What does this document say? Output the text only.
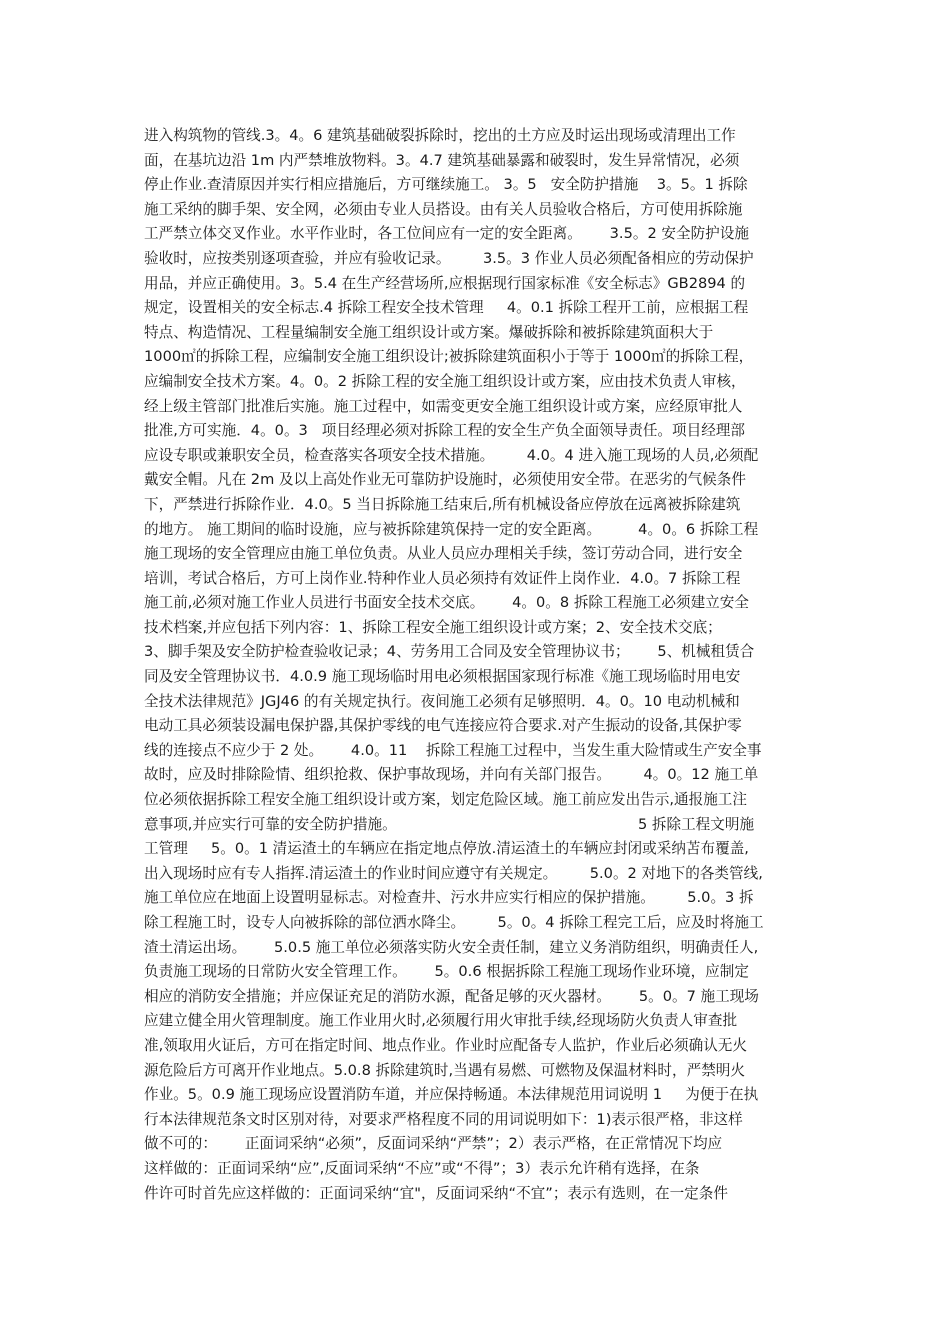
进入构筑物的管线.3。4。6 建筑基础破裂拆除时，挖出的土方应及时运出现场或清理出工作
面，在基坑边沿 1m 内严禁堆放物料。3。4.7 建筑基础暴露和破裂时，发生异常情况，必须
停止作业.查清原因并实行相应措施后，方可继续施工。 3。5   安全防护措施    3。5。1 拆除
施工采纳的脚手架、安全网，必须由专业人员搭设。由有关人员验收合格后，方可使用拆除施
工严禁立体交叉作业。水平作业时，各工位间应有一定的安全距离。      3.5。2 安全防护设施
验收时，应按类别逐项查验，并应有验收记录。       3.5。3 作业人员必须配备相应的劳动保护
用品，并应正确使用。3。5.4 在生产经营场所,应根据现行国家标准《安全标志》GB2894 的
规定，设置相关的安全标志.4 拆除工程安全技术管理     4。0.1 拆除工程开工前，应根据工程
特点、构造情况、工程量编制安全施工组织设计或方案。爆破拆除和被拆除建筑面积大于
1000㎡的拆除工程，应编制安全施工组织设计;被拆除建筑面积小于等于 1000㎡的拆除工程，
应编制安全技术方案。4。0。2 拆除工程的安全施工组织设计或方案，应由技术负责人审核，
经上级主管部门批准后实施。施工过程中，如需变更安全施工组织设计或方案，应经原审批人
批准,方可实施．4。0。3   项目经理必须对拆除工程的安全生产负全面领导责任。项目经理部
应设专职或兼职安全员，检查落实各项安全技术措施。       4.0。4 进入施工现场的人员,必须配
戴安全帽。凡在 2m 及以上高处作业无可靠防护设施时，必须使用安全带。在恶劣的气候条件
下，严禁进行拆除作业．4.0。5 当日拆除施工结束后,所有机械设备应停放在远离被拆除建筑
的地方。 施工期间的临时设施，应与被拆除建筑保持一定的安全距离。        4。0。6 拆除工程
施工现场的安全管理应由施工单位负责。从业人员应办理相关手续，签订劳动合同，进行安全
培训，考试合格后，方可上岗作业.特种作业人员必须持有效证件上岗作业．4.0。7 拆除工程
施工前,必须对施工作业人员进行书面安全技术交底。      4。0。8 拆除工程施工必须建立安全
技术档案,并应包括下列内容：1、拆除工程安全施工组织设计或方案；2、安全技术交底；
3、脚手架及安全防护检查验收记录；4、劳务用工合同及安全管理协议书；      5、机械租赁合
同及安全管理协议书．4.0.9 施工现场临时用电必须根据国家现行标准《施工现场临时用电安
全技术法律规范》JGJ46 的有关规定执行。夜间施工必须有足够照明．4。0。10 电动机械和
电动工具必须装设漏电保护器,其保护零线的电气连接应符合要求.对产生振动的设备,其保护零
线的连接点不应少于 2 处。      4.0。11    拆除工程施工过程中，当发生重大险情或生产安全事
故时，应及时排除险情、组织抢救、保护事故现场，并向有关部门报告。       4。0。12 施工单
位必须依据拆除工程安全施工组织设计或方案，划定危险区域。施工前应发出告示,通报施工注
意事项,并应实行可靠的安全防护措施。                                                    5 拆除工程文明施
工管理     5。0。1 清运渣土的车辆应在指定地点停放.清运渣土的车辆应封闭或采纳苫布覆盖,
出入现场时应有专人指挥.清运渣土的作业时间应遵守有关规定。       5.0。2 对地下的各类管线,
施工单位应在地面上设置明显标志。对检查井、污水井应实行相应的保护措施。       5.0。3 拆
除工程施工时，设专人向被拆除的部位洒水降尘。       5。0。4 拆除工程完工后，应及时将施工
渣土清运出场。      5.0.5 施工单位必须落实防火安全责任制，建立义务消防组织，明确责任人,
负责施工现场的日常防火安全管理工作。      5。0.6 根据拆除工程施工现场作业环境，应制定
相应的消防安全措施；并应保证充足的消防水源，配备足够的灭火器材。      5。0。7 施工现场
应建立健全用火管理制度。施工作业用火时,必须履行用火审批手续,经现场防火负责人审查批
准,领取用火证后，方可在指定时间、地点作业。作业时应配备专人监护，作业后必须确认无火
源危险后方可离开作业地点。5.0.8 拆除建筑时,当遇有易燃、可燃物及保温材料时，严禁明火
作业。5。0.9 施工现场应设置消防车道，并应保持畅通。本法律规范用词说明 1     为便于在执
行本法律规范条文时区别对待，对要求严格程度不同的用词说明如下：1)表示很严格，非这样
做不可的：      正面词采纳“必须”，反面词采纳“严禁”；2）表示严格，在正常情况下均应
这样做的：正面词采纳“应”,反面词采纳“不应”或“不得”；3）表示允许稍有选择，在条
件许可时首先应这样做的：正面词采纳“宜"，反面词采纳“不宜”；表示有选则，在一定条件
